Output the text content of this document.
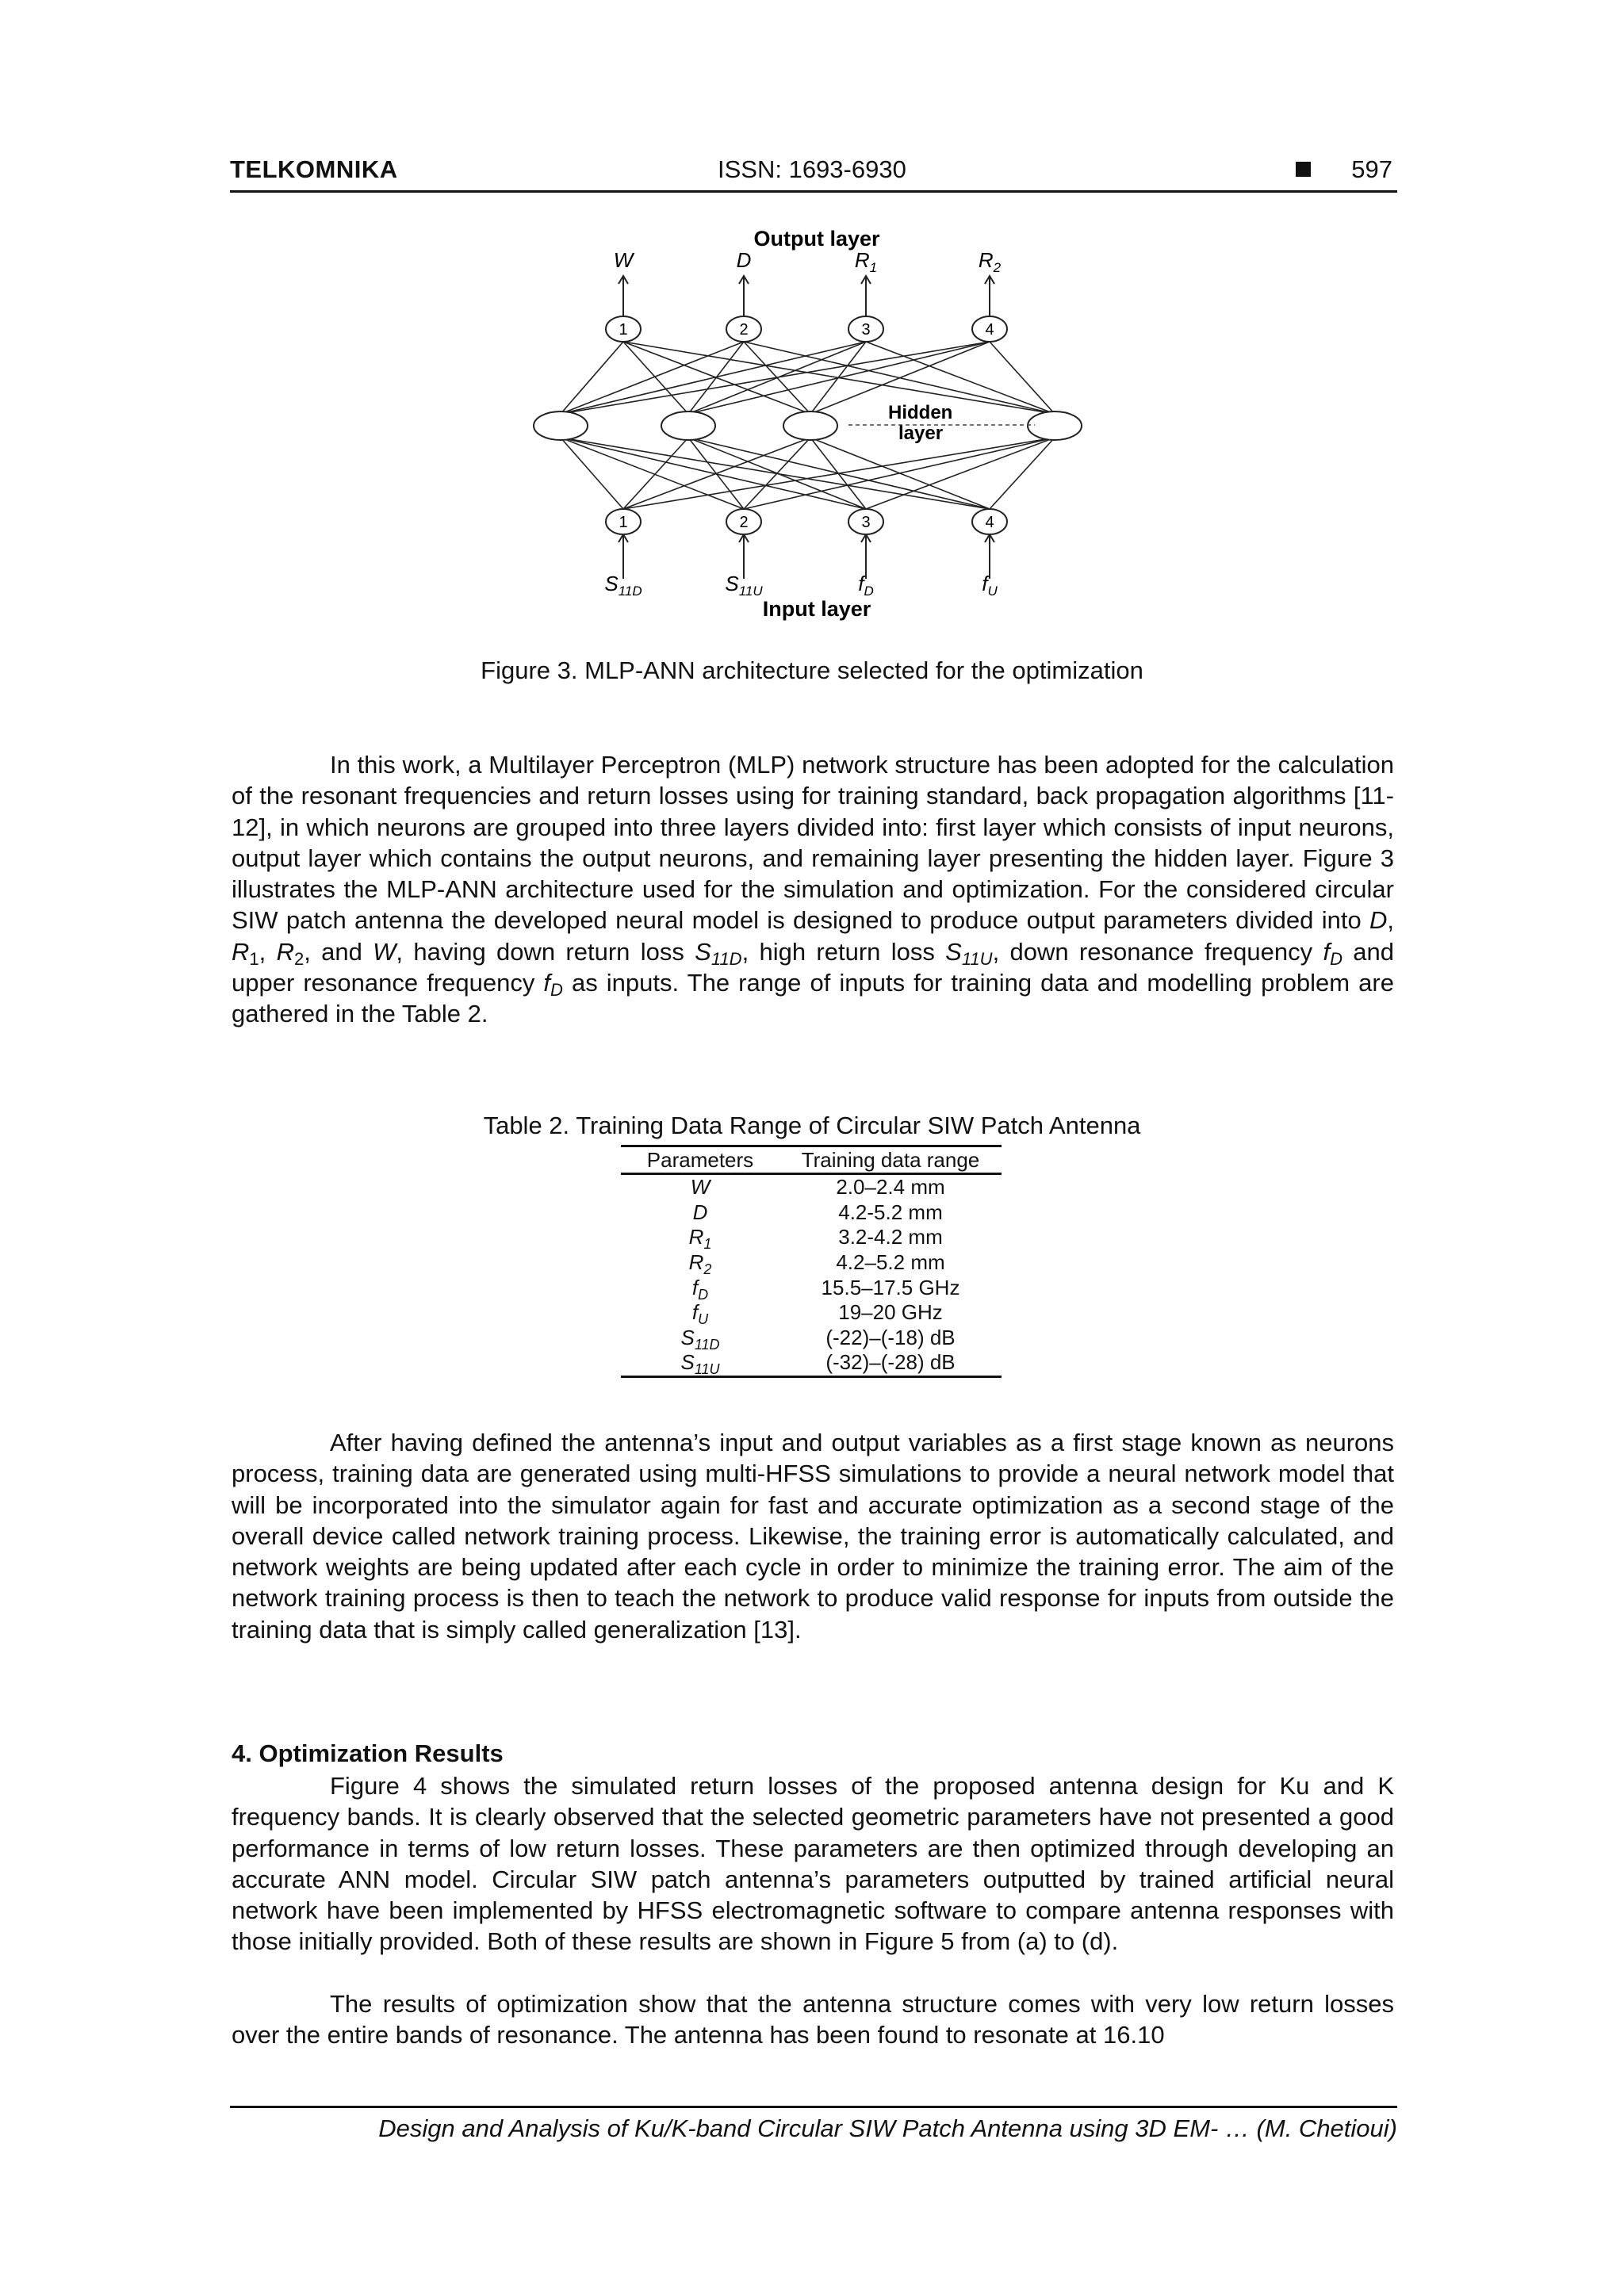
TELKOMNIKA	ISSN: 1693-6930	597
1	2	3	4
1	2	3	4
Hidden
layer
Output layer
Input layer
W	D	$R_1$	$R_2$
$S_{11D}$	$S_{11U}$	$f_D$	$f_U$
Figure 3. MLP-ANN architecture selected for the optimization

In this work, a Multilayer Perceptron (MLP) network structure has been adopted for the calculation of the resonant frequencies and return losses using for training standard, back propagation algorithms [11-12], in which neurons are grouped into three layers divided into: first layer which consists of input neurons, output layer which contains the output neurons, and remaining layer presenting the hidden layer. Figure 3 illustrates the MLP-ANN architecture used for the simulation and optimization. For the considered circular SIW patch antenna the developed neural model is designed to produce output parameters divided into D, $R_1$, $R_2$, and W, having down return loss $S_{11D}$, high return loss $S_{11U}$, down resonance frequency $f_D$ and upper resonance frequency $f_D$ as inputs. The range of inputs for training data and modelling problem are gathered in the Table 2.

Table 2. Training Data Range of Circular SIW Patch Antenna
Parameters	Training data range
W	2.0–2.4 mm
D	4.2-5.2 mm
$R_1$	3.2-4.2 mm
$R_2$	4.2–5.2 mm
$f_D$	15.5–17.5 GHz
$f_U$	19–20 GHz
$S_{11D}$	(-22)–(-18) dB
$S_{11U}$	(-32)–(-28) dB

After having defined the antenna’s input and output variables as a first stage known as neurons process, training data are generated using multi-HFSS simulations to provide a neural network model that will be incorporated into the simulator again for fast and accurate optimization as a second stage of the overall device called network training process. Likewise, the training error is automatically calculated, and network weights are being updated after each cycle in order to minimize the training error. The aim of the network training process is then to teach the network to produce valid response for inputs from outside the training data that is simply called generalization [13].

4. Optimization Results

Figure 4 shows the simulated return losses of the proposed antenna design for Ku and K frequency bands. It is clearly observed that the selected geometric parameters have not presented a good performance in terms of low return losses. These parameters are then optimized through developing an accurate ANN model. Circular SIW patch antenna’s parameters outputted by trained artificial neural network have been implemented by HFSS electromagnetic software to compare antenna responses with those initially provided. Both of these results are shown in Figure 5 from (a) to (d).

The results of optimization show that the antenna structure comes with very low return losses over the entire bands of resonance. The antenna has been found to resonate at 16.10

Design and Analysis of Ku/K-band Circular SIW Patch Antenna using 3D EM- … (M. Chetioui)
